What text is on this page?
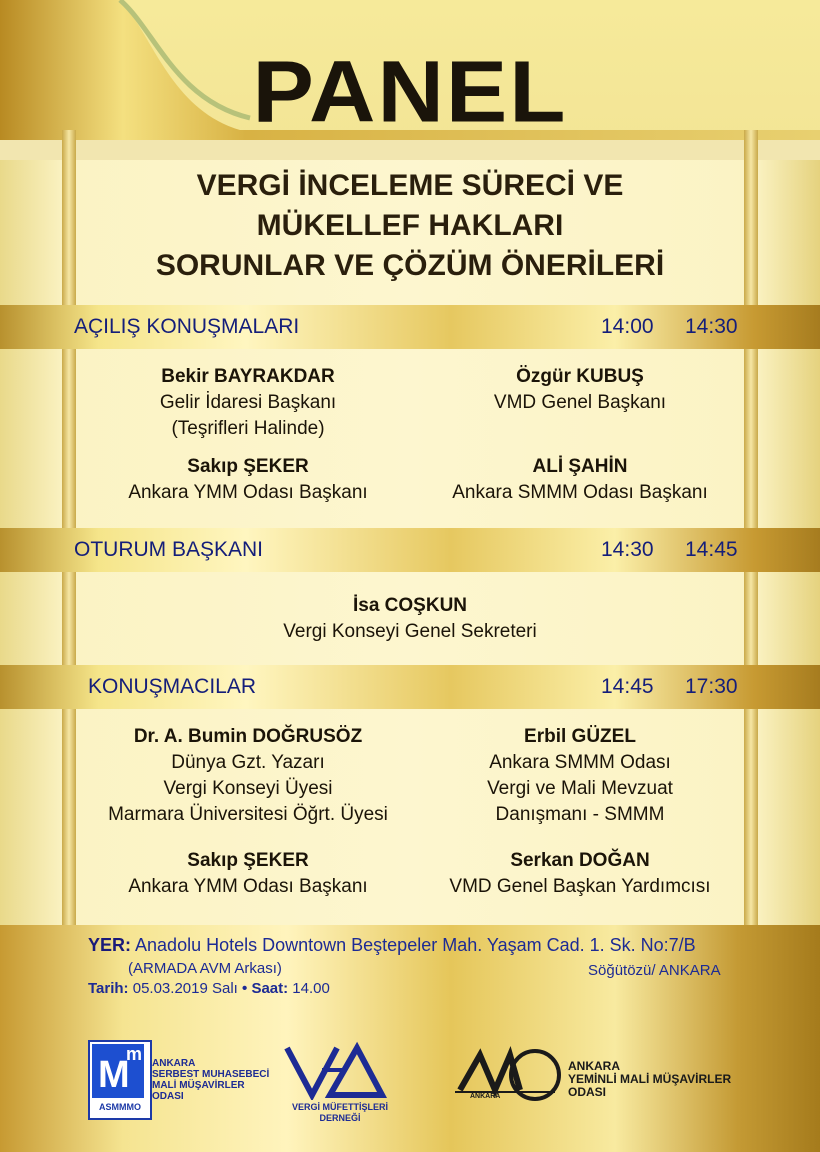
PANEL
VERGİ İNCELEME SÜRECİ VE
MÜKELLEF HAKLARI
SORUNLAR VE ÇÖZÜM ÖNERİLERİ
AÇILIŞ KONUŞMALARI	14:00 14:30
Bekir BAYRAKDAR
Gelir İdaresi Başkanı
(Teşrifleri Halinde)
Özgür KUBUŞ
VMD Genel Başkanı
Sakıp ŞEKER
Ankara YMM Odası Başkanı
ALİ ŞAHİN
Ankara SMMM Odası Başkanı
OTURUM BAŞKANI	14:30 14:45
İsa COŞKUN
Vergi Konseyi Genel Sekreteri
KONUŞMACILAR	14:45 17:30
Dr. A. Bumin DOĞRUSÖZ
Dünya Gzt. Yazarı
Vergi Konseyi Üyesi
Marmara Üniversitesi Öğrt. Üyesi
Erbil GÜZEL
Ankara SMMM Odası
Vergi ve Mali Mevzuat
Danışmanı - SMMM
Sakıp ŞEKER
Ankara YMM Odası Başkanı
Serkan DOĞAN
VMD Genel Başkan Yardımcısı
YER: Anadolu Hotels Downtown Beştepeler Mah. Yaşam Cad. 1. Sk. No:7/B
(ARMADA AVM Arkası)	Söğütözü/ ANKARA
Tarih: 05.03.2019 Salı • Saat: 14.00
M
m
ASMMMO
ANKARA
SERBEST MUHASEBECİ
MALİ MÜŞAVİRLER
ODASI
VERGİ MÜFETTİŞLERİ
DERNEĞİ
ANKARA
ANKARA
YEMİNLİ MALİ MÜŞAVİRLER
ODASI
